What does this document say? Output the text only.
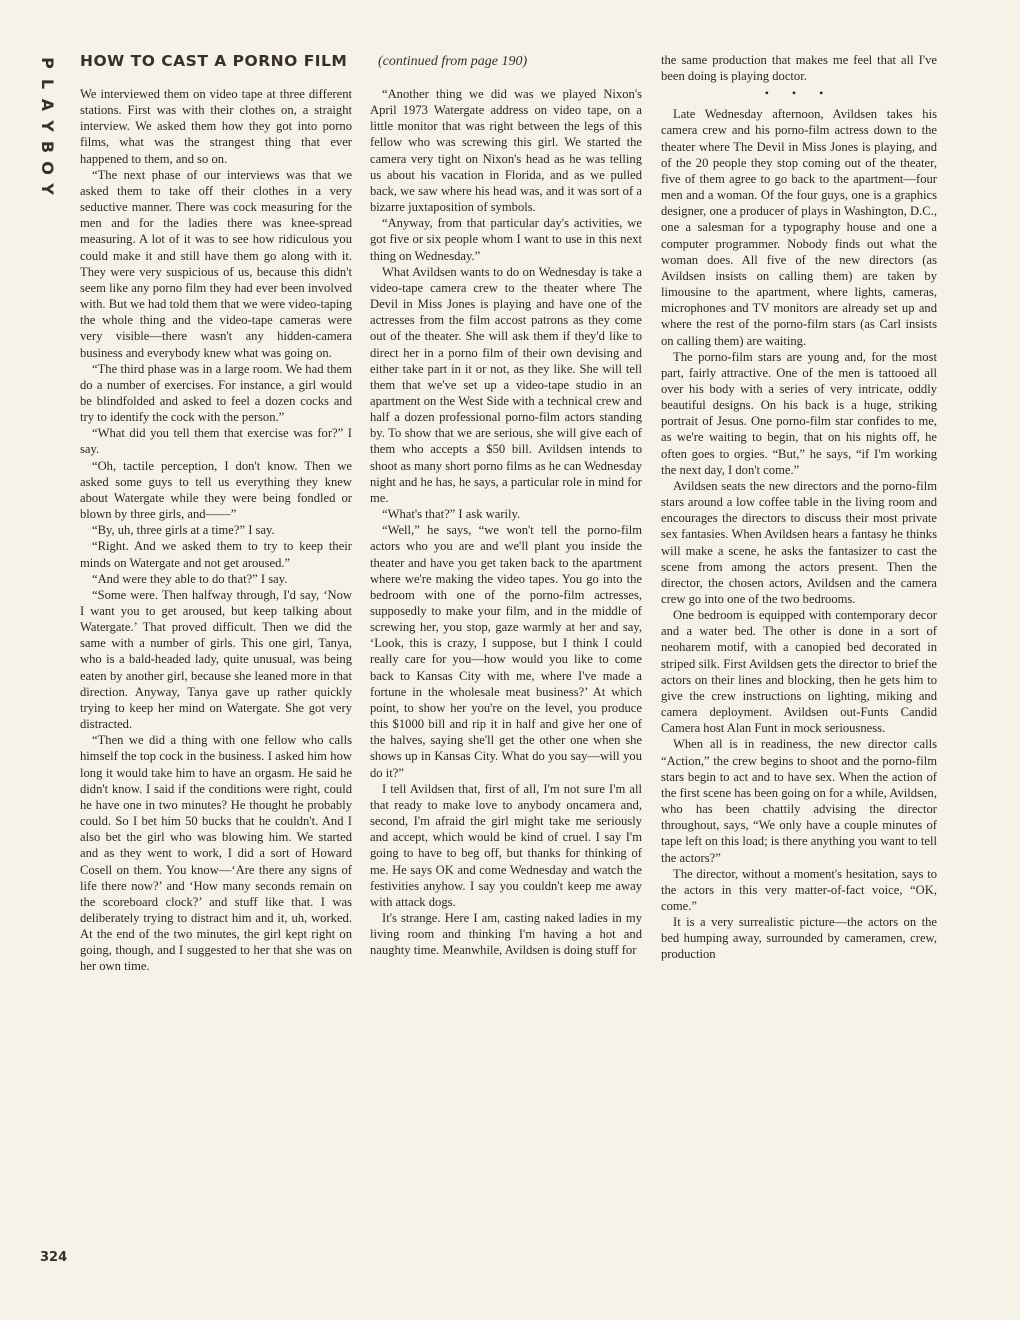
P
L
A
Y
B
O
Y
324
HOW TO CAST A PORNO FILM

We interviewed them on video tape at three different stations. First was with their clothes on, a straight interview. We asked them how they got into porno films, what was the strangest thing that ever happened to them, and so on.

“The next phase of our interviews was that we asked them to take off their clothes in a very seductive manner. There was cock measuring for the men and for the ladies there was knee-spread measuring. A lot of it was to see how ridiculous you could make it and still have them go along with it. They were very suspicious of us, because this didn't seem like any porno film they had ever been involved with. But we had told them that we were video-taping the whole thing and the video-tape cameras were very visible—there wasn't any hidden-camera business and everybody knew what was going on.

“The third phase was in a large room. We had them do a number of exercises. For instance, a girl would be blindfolded and asked to feel a dozen cocks and try to identify the cock with the person.”

“What did you tell them that exercise was for?” I say.

“Oh, tactile perception, I don't know. Then we asked some guys to tell us everything they knew about Watergate while they were being fondled or blown by three girls, and——”

“By, uh, three girls at a time?” I say.

“Right. And we asked them to try to keep their minds on Watergate and not get aroused.”

“And were they able to do that?” I say.

“Some were. Then halfway through, I'd say, ‘Now I want you to get aroused, but keep talking about Watergate.’ That proved difficult. Then we did the same with a number of girls. This one girl, Tanya, who is a bald-headed lady, quite unusual, was being eaten by another girl, because she leaned more in that direction. Anyway, Tanya gave up rather quickly trying to keep her mind on Watergate. She got very distracted.

“Then we did a thing with one fellow who calls himself the top cock in the business. I asked him how long it would take him to have an orgasm. He said he didn't know. I said if the conditions were right, could he have one in two minutes? He thought he probably could. So I bet him 50 bucks that he couldn't. And I also bet the girl who was blowing him. We started and as they went to work, I did a sort of Howard Cosell on them. You know—‘Are there any signs of life there now?’ and ‘How many seconds remain on the scoreboard clock?’ and stuff like that. I was deliberately trying to distract him and it, uh, worked. At the end of the two minutes, the girl kept right on going, though, and I suggested to her that she was on her own time.

(continued from page 190)

“Another thing we did was we played Nixon's April 1973 Watergate address on video tape, on a little monitor that was right between the legs of this fellow who was screwing this girl. We started the camera very tight on Nixon's head as he was telling us about his vacation in Florida, and as we pulled back, we saw where his head was, and it was sort of a bizarre juxtaposition of symbols.

“Anyway, from that particular day's activities, we got five or six people whom I want to use in this next thing on Wednesday.”

What Avildsen wants to do on Wednesday is take a video-tape camera crew to the theater where The Devil in Miss Jones is playing and have one of the actresses from the film accost patrons as they come out of the theater. She will ask them if they'd like to direct her in a porno film of their own devising and either take part in it or not, as they like. She will tell them that we've set up a video-tape studio in an apartment on the West Side with a technical crew and half a dozen professional porno-film actors standing by. To show that we are serious, she will give each of them who accepts a $50 bill. Avildsen intends to shoot as many short porno films as he can Wednesday night and he has, he says, a particular role in mind for me.

“What's that?” I ask warily.

“Well,” he says, “we won't tell the porno-film actors who you are and we'll plant you inside the theater and have you get taken back to the apartment where we're making the video tapes. You go into the bedroom with one of the porno-film actresses, supposedly to make your film, and in the middle of screwing her, you stop, gaze warmly at her and say, ‘Look, this is crazy, I suppose, but I think I could really care for you—how would you like to come back to Kansas City with me, where I've made a fortune in the wholesale meat business?’ At which point, to show her you're on the level, you produce this $1000 bill and rip it in half and give her one of the halves, saying she'll get the other one when she shows up in Kansas City. What do you say—will you do it?”

I tell Avildsen that, first of all, I'm not sure I'm all that ready to make love to anybody oncamera and, second, I'm afraid the girl might take me seriously and accept, which would be kind of cruel. I say I'm going to have to beg off, but thanks for thinking of me. He says OK and come Wednesday and watch the festivities anyhow. I say you couldn't keep me away with attack dogs.

It's strange. Here I am, casting naked ladies in my living room and thinking I'm having a hot and naughty time. Meanwhile, Avildsen is doing stuff for

the same production that makes me feel that all I've been doing is playing doctor.

• • •

Late Wednesday afternoon, Avildsen takes his camera crew and his porno-film actress down to the theater where The Devil in Miss Jones is playing, and of the 20 people they stop coming out of the theater, five of them agree to go back to the apartment—four men and a woman. Of the four guys, one is a graphics designer, one a producer of plays in Washington, D.C., one a salesman for a typography house and one a computer programmer. Nobody finds out what the woman does. All five of the new directors (as Avildsen insists on calling them) are taken by limousine to the apartment, where lights, cameras, microphones and TV monitors are already set up and where the rest of the porno-film stars (as Carl insists on calling them) are waiting.

The porno-film stars are young and, for the most part, fairly attractive. One of the men is tattooed all over his body with a series of very intricate, oddly beautiful designs. On his back is a huge, striking portrait of Jesus. One porno-film star confides to me, as we're waiting to begin, that on his nights off, he often goes to orgies. “But,” he says, “if I'm working the next day, I don't come.”

Avildsen seats the new directors and the porno-film stars around a low coffee table in the living room and encourages the directors to discuss their most private sex fantasies. When Avildsen hears a fantasy he thinks will make a scene, he asks the fantasizer to cast the scene from among the actors present. Then the director, the chosen actors, Avildsen and the camera crew go into one of the two bedrooms.

One bedroom is equipped with contemporary decor and a water bed. The other is done in a sort of neoharem motif, with a canopied bed decorated in striped silk. First Avildsen gets the director to brief the actors on their lines and blocking, then he gets him to give the crew instructions on lighting, miking and camera deployment. Avildsen out-Funts Candid Camera host Alan Funt in mock seriousness.

When all is in readiness, the new director calls “Action,” the crew begins to shoot and the porno-film stars begin to act and to have sex. When the action of the first scene has been going on for a while, Avildsen, who has been chattily advising the director throughout, says, “We only have a couple minutes of tape left on this load; is there anything you want to tell the actors?”

The director, without a moment's hesitation, says to the actors in this very matter-of-fact voice, “OK, come.”

It is a very surrealistic picture—the actors on the bed humping away, surrounded by cameramen, crew, production
